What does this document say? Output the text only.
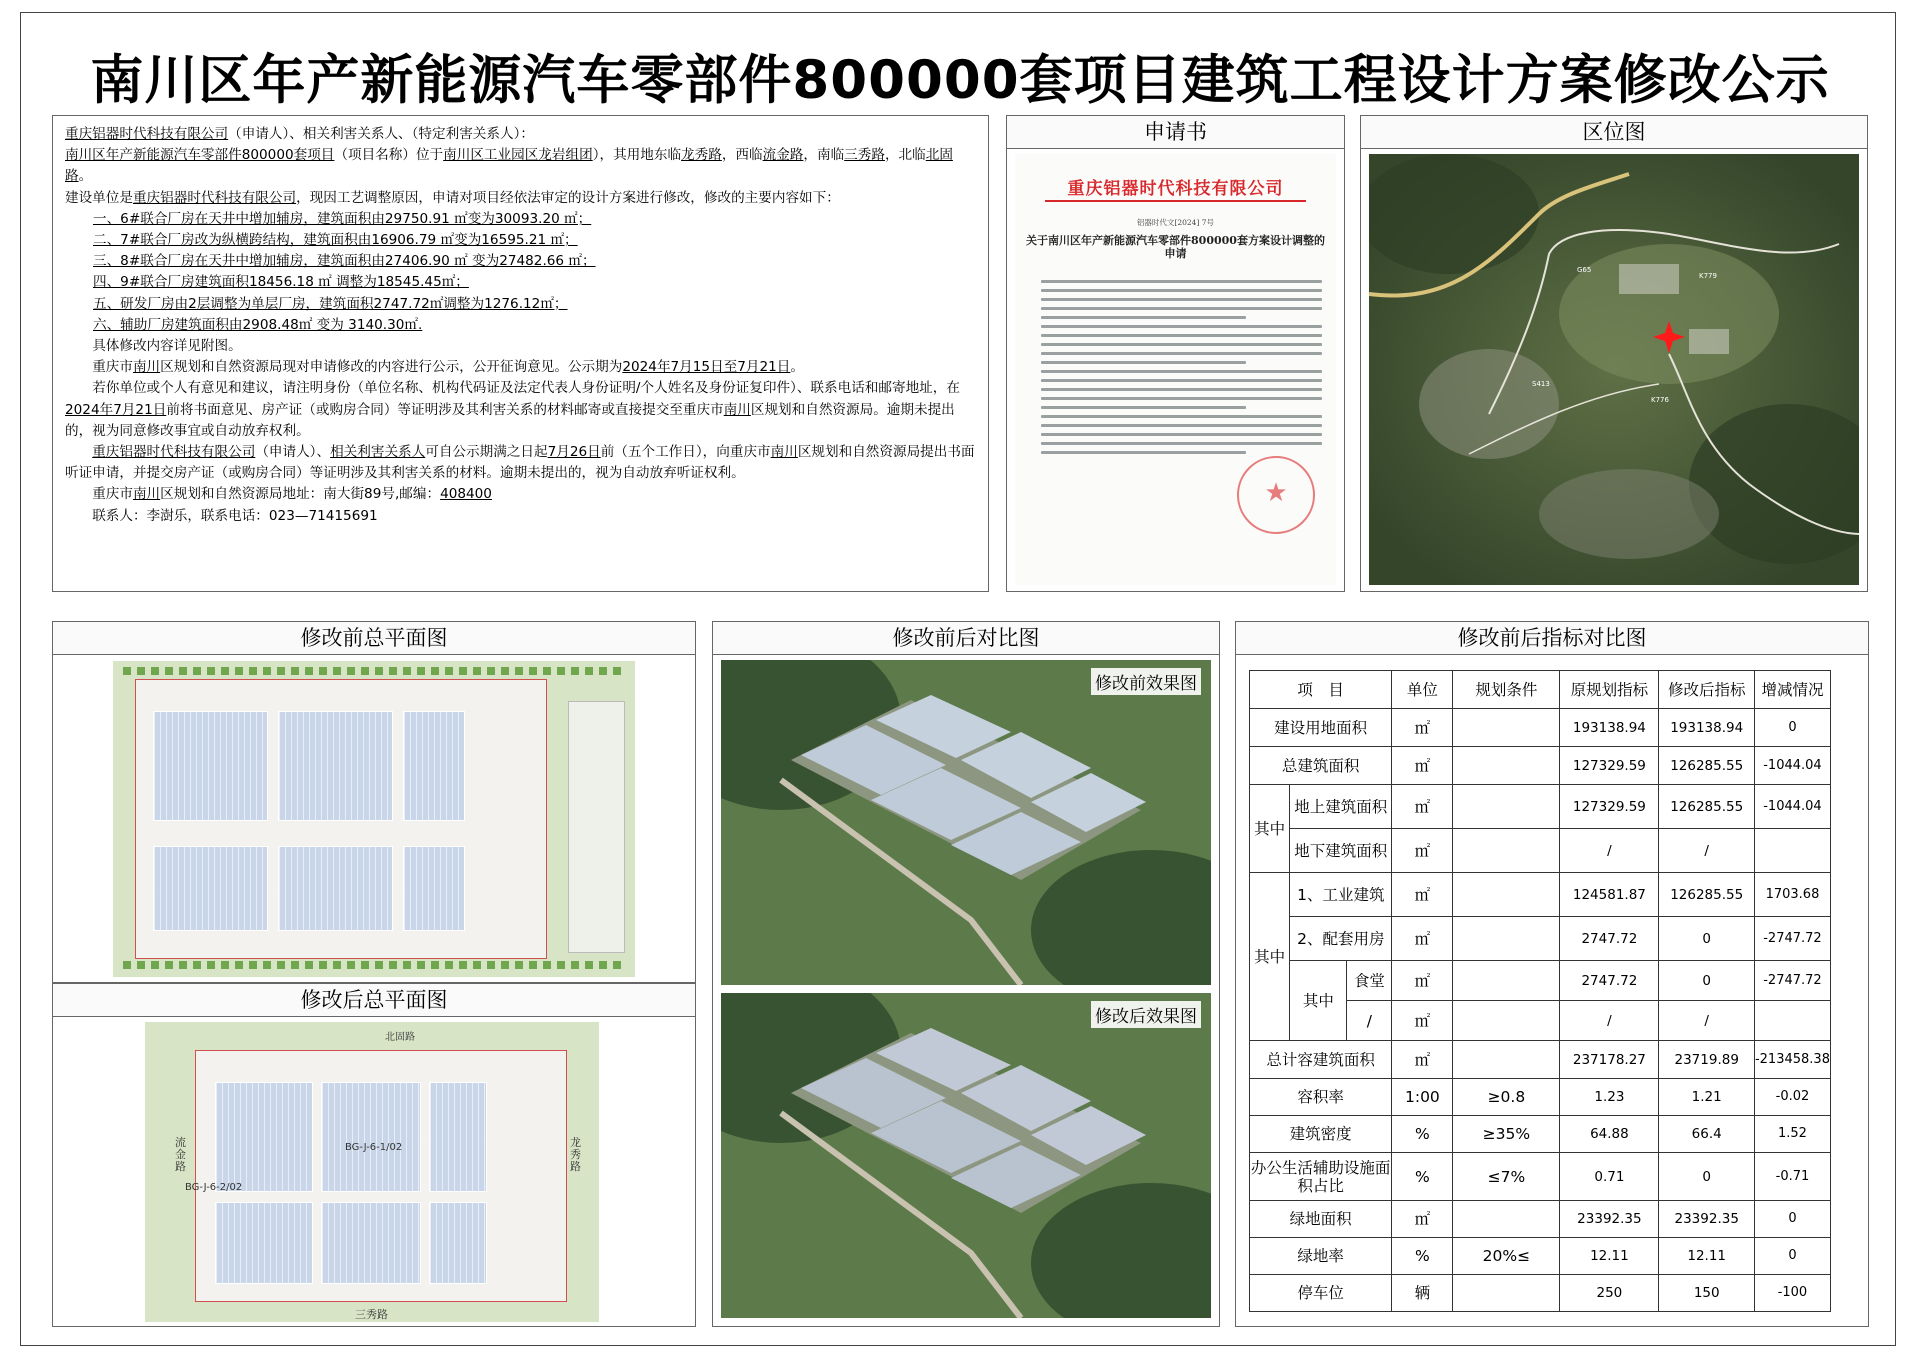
南川区年产新能源汽车零部件800000套项目建筑工程设计方案修改公示

重庆铝器时代科技有限公司（申请人）、相关利害关系人、（特定利害关系人）：

南川区年产新能源汽车零部件800000套项目（项目名称）位于南川区工业园区龙岩组团），其用地东临龙秀路，西临流金路，南临三秀路，北临北固路。

建设单位是重庆铝器时代科技有限公司，现因工艺调整原因，申请对项目经依法审定的设计方案进行修改，修改的主要内容如下：

一、6#联合厂房在天井中增加辅房，建筑面积由29750.91 ㎡变为30093.20 ㎡；

二、7#联合厂房改为纵横跨结构，建筑面积由16906.79 ㎡变为16595.21 ㎡；

三、8#联合厂房在天井中增加辅房，建筑面积由27406.90 ㎡ 变为27482.66 ㎡；

四、9#联合厂房建筑面积18456.18 ㎡ 调整为18545.45㎡；

五、研发厂房由2层调整为单层厂房，建筑面积2747.72㎡调整为1276.12㎡；

六、辅助厂房建筑面积由2908.48㎡ 变为 3140.30㎡.

具体修改内容详见附图。

重庆市南川区规划和自然资源局现对申请修改的内容进行公示，公开征询意见。公示期为2024年7月15日至7月21日。

若你单位或个人有意见和建议，请注明身份（单位名称、机构代码证及法定代表人身份证明/个人姓名及身份证复印件）、联系电话和邮寄地址，在2024年7月21日前将书面意见、房产证（或购房合同）等证明涉及其利害关系的材料邮寄或直接提交至重庆市南川区规划和自然资源局。逾期未提出的，视为同意修改事宜或自动放弃权利。

重庆铝器时代科技有限公司（申请人）、相关利害关系人可自公示期满之日起7月26日前（五个工作日），向重庆市南川区规划和自然资源局提出书面听证申请，并提交房产证（或购房合同）等证明涉及其利害关系的材料。逾期未提出的，视为自动放弃听证权利。

重庆市南川区规划和自然资源局地址：南大街89号,邮编：408400

联系人：李澍乐，联系电话：023—71415691

申请书
重庆铝器时代科技有限公司
铝器时代文[2024] 7号
关于南川区年产新能源汽车零部件800000套方案设计调整的申请
★
区位图
G65
K779
K776
S413
修改前总平面图
修改后总平面图
流金路
龙秀路
三秀路
北固路
BG-J-6-1/02
BG-J-6-2/02
修改前后对比图
修改前效果图
修改后效果图
修改前后指标对比图
项　目			单位	规划条件	原规划指标	修改后指标	增减情况
建设用地面积			㎡		193138.94	193138.94	0
总建筑面积			㎡		127329.59	126285.55	-1044.04
其中	地上建筑面积		㎡		127329.59	126285.55	-1044.04
	地下建筑面积		㎡		/	/	
其中	1、工业建筑		㎡		124581.87	126285.55	1703.68
	2、配套用房		㎡		2747.72	0	-2747.72
	其中	食堂	㎡		2747.72	0	-2747.72
		/	㎡		/	/	
总计容建筑面积			㎡		237178.27	23719.89	-213458.38
容积率			1:00	≥0.8	1.23	1.21	-0.02
建筑密度			%	≥35%	64.88	66.4	1.52
办公生活辅助设施面积占比			%	≤7%	0.71	0	-0.71
绿地面积			㎡		23392.35	23392.35	0
绿地率			%	20%≤	12.11	12.11	0
停车位			辆		250	150	-100
